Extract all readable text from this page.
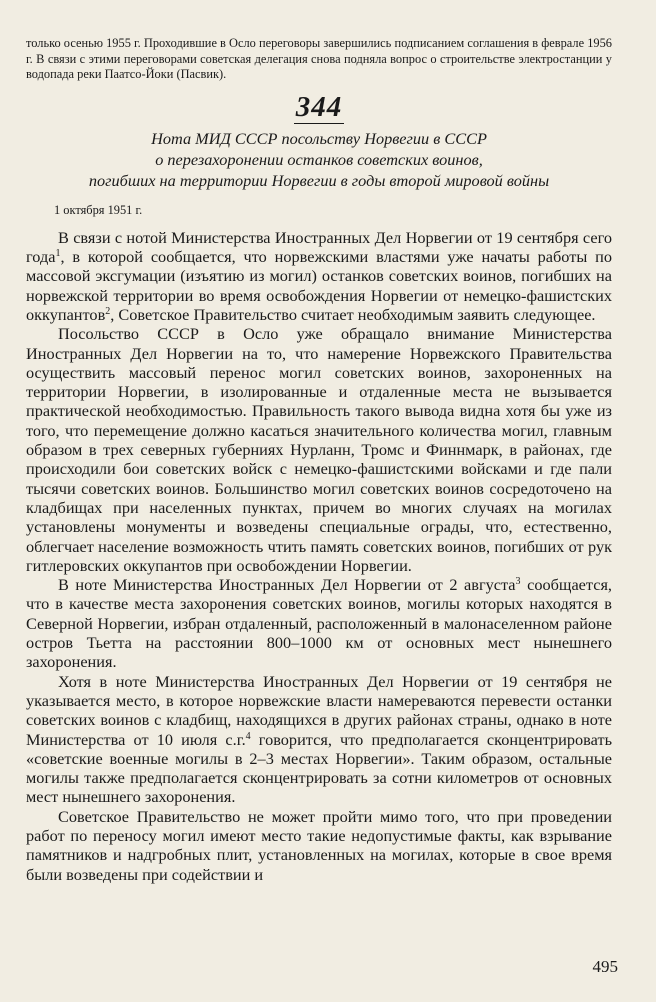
только осенью 1955 г. Проходившие в Осло переговоры завершились подписанием соглашения в феврале 1956 г. В связи с этими переговорами советская делегация снова подняла вопрос о строительстве электростанции у водопада реки Паатсо-Йоки (Пасвик).

344
Нота МИД СССР посольству Норвегии в СССР
о перезахоронении останков советских воинов,
погибших на территории Норвегии в годы второй мировой войны
1 октября 1951 г.

В связи с нотой Министерства Иностранных Дел Норвегии от 19 сентября сего года$^1$, в которой сообщается, что норвежскими властями уже начаты работы по массовой эксгумации (изъятию из могил) останков советских воинов, погибших на норвежской территории во время освобождения Норвегии от немецко-фашистских оккупантов$^2$, Советское Правительство считает необходимым заявить следующее.

Посольство СССР в Осло уже обращало внимание Министерства Иностранных Дел Норвегии на то, что намерение Норвежского Правительства осуществить массовый перенос могил советских воинов, захороненных на территории Норвегии, в изолированные и отдаленные места не вызывается практической необходимостью. Правильность такого вывода видна хотя бы уже из того, что перемещение должно касаться значительного количества могил, главным образом в трех северных губерниях Нурланн, Тромс и Финнмарк, в районах, где происходили бои советских войск с немецко-фашистскими войсками и где пали тысячи советских воинов. Большинство могил советских воинов сосредоточено на кладбищах при населенных пунктах, причем во многих случаях на могилах установлены монументы и возведены специальные ограды, что, естественно, облегчает население возможность чтить память советских воинов, погибших от рук гитлеровских оккупантов при освобождении Норвегии.

В ноте Министерства Иностранных Дел Норвегии от 2 августа$^3$ сообщается, что в качестве места захоронения советских воинов, могилы которых находятся в Северной Норвегии, избран отдаленный, расположенный в малонаселенном районе остров Тьетта на расстоянии 800–1000 км от основных мест нынешнего захоронения.

Хотя в ноте Министерства Иностранных Дел Норвегии от 19 сентября не указывается место, в которое норвежские власти намереваются перевести останки советских воинов с кладбищ, находящихся в других районах страны, однако в ноте Министерства от 10 июля с.г.$^4$ говорится, что предполагается сконцентрировать «советские военные могилы в 2–3 местах Норвегии». Таким образом, остальные могилы также предполагается сконцентрировать за сотни километров от основных мест нынешнего захоронения.

Советское Правительство не может пройти мимо того, что при проведении работ по переносу могил имеют место такие недопустимые факты, как взрывание памятников и надгробных плит, установленных на могилах, которые в свое время были возведены при содействии и

495
